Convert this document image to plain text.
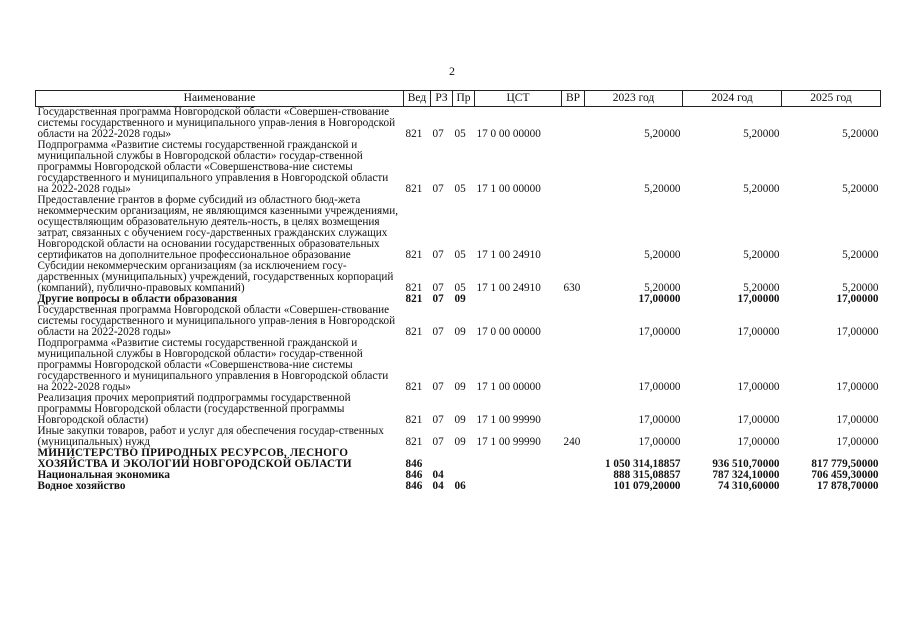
2
Наименование	Вед	РЗ	Пр	ЦСТ	ВР	2023 год	2024 год	2025 год
Государственная программа Новгородской области «Совершен-ствование системы государственного и муниципального управ-ления в Новгородской области на 2022-2028 годы»	821	07	05	17 0 00 00000		5,20000	5,20000	5,20000
Подпрограмма «Развитие системы государственной гражданской и муниципальной службы в Новгородской области» государ-ственной программы Новгородской области «Совершенствова-ние системы государственного и муниципального управления в Новгородской области на 2022-2028 годы»	821	07	05	17 1 00 00000		5,20000	5,20000	5,20000
Предоставление грантов в форме субсидий из областного бюд-жета некоммерческим организациям, не являющимся казенными учреждениями, осуществляющим образовательную деятель-ность, в целях возмещения затрат, связанных с обучением госу-дарственных гражданских служащих Новгородской области на основании государственных образовательных сертификатов на дополнительное профессиональное образование	821	07	05	17 1 00 24910		5,20000	5,20000	5,20000
Субсидии некоммерческим организациям (за исключением госу-дарственных (муниципальных) учреждений, государственных корпораций (компаний), публично-правовых компаний)	821	07	05	17 1 00 24910	630	5,20000	5,20000	5,20000
Другие вопросы в области образования	821	07	09			17,00000	17,00000	17,00000
Государственная программа Новгородской области «Совершен-ствование системы государственного и муниципального управ-ления в Новгородской области на 2022-2028 годы»	821	07	09	17 0 00 00000		17,00000	17,00000	17,00000
Подпрограмма «Развитие системы государственной гражданской и муниципальной службы в Новгородской области» государ-ственной программы Новгородской области «Совершенствова-ние системы государственного и муниципального управления в Новгородской области на 2022-2028 годы»	821	07	09	17 1 00 00000		17,00000	17,00000	17,00000
Реализация прочих мероприятий подпрограммы государственной программы Новгородской области (государственной программы Новгородской области)	821	07	09	17 1 00 99990		17,00000	17,00000	17,00000
Иные закупки товаров, работ и услуг для обеспечения государ-ственных (муниципальных) нужд	821	07	09	17 1 00 99990	240	17,00000	17,00000	17,00000
МИНИСТЕРСТВО ПРИРОДНЫХ РЕСУРСОВ, ЛЕСНОГО ХОЗЯЙСТВА И ЭКОЛОГИИ НОВГОРОДСКОЙ ОБЛАСТИ	846					1 050 314,18857	936 510,70000	817 779,50000
Национальная экономика	846	04				888 315,08857	787 324,10000	706 459,30000
Водное хозяйство	846	04	06			101 079,20000	74 310,60000	17 878,70000
